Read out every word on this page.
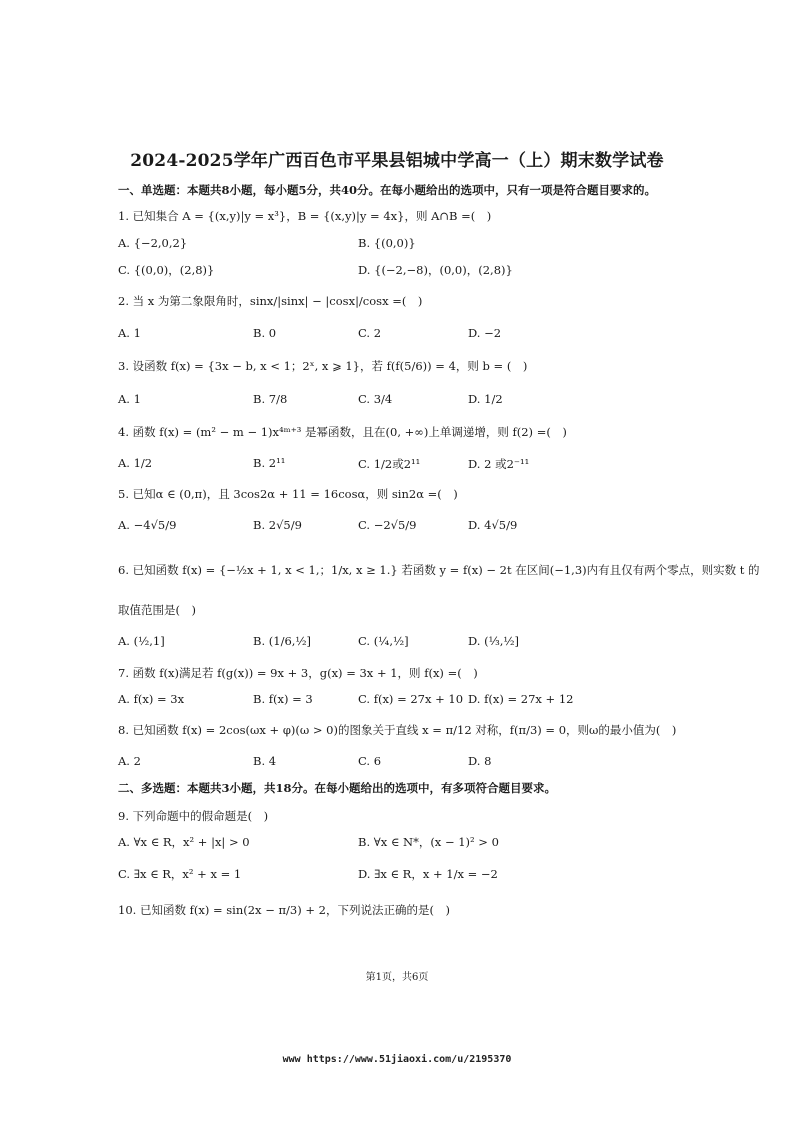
2024-2025学年广西百色市平果县铝城中学高一（上）期末数学试卷
一、单选题：本题共8小题，每小题5分，共40分。在每小题给出的选项中，只有一项是符合题目要求的。
1. 已知集合 A = {(x,y)|y = x³}，B = {(x,y)|y = 4x}，则 A∩B =(　)
A. {−2,0,2}	B. {(0,0)}
C. {(0,0)，(2,8)}	D. {(−2,−8)，(0,0)，(2,8)}
2. 当 x 为第二象限角时，sinx/|sinx| − |cosx|/cosx =(　)
A. 1	B. 0	C. 2	D. −2
3. 设函数 f(x) = {3x − b, x < 1；2ˣ, x ⩾ 1}，若 f(f(5/6)) = 4，则 b = (　)
A. 1	B. 7/8	C. 3/4	D. 1/2
4. 函数 f(x) = (m² − m − 1)x⁴ᵐ⁺³ 是幂函数，且在(0, +∞)上单调递增，则 f(2) =(　)
A. 1/2	B. 2¹¹	C. 1/2或2¹¹	D. 2 或2⁻¹¹
5. 已知α ∈ (0,π)，且 3cos2α + 11 = 16cosα，则 sin2α =(　)
A. −4√5/9	B. 2√5/9	C. −2√5/9	D. 4√5/9
6. 已知函数 f(x) = {−½x + 1, x < 1,；1/x, x ≥ 1.} 若函数 y = f(x) − 2t 在区间(−1,3)内有且仅有两个零点，则实数 t 的
取值范围是(　)
A. (½,1]	B. (1/6,½]	C. (¼,½]	D. (⅓,½]
7. 函数 f(x)满足若 f(g(x)) = 9x + 3，g(x) = 3x + 1，则 f(x) =(　)
A. f(x) = 3x	B. f(x) = 3	C. f(x) = 27x + 10 D. f(x) = 27x + 12
8. 已知函数 f(x) = 2cos(ωx + φ)(ω > 0)的图象关于直线 x = π/12 对称，f(π/3) = 0，则ω的最小值为(　)
A. 2	B. 4	C. 6	D. 8
二、多选题：本题共3小题，共18分。在每小题给出的选项中，有多项符合题目要求。
9. 下列命题中的假命题是(　)
A. ∀x ∈ R，x² + |x| > 0	B. ∀x ∈ N*，(x − 1)² > 0
C. ∃x ∈ R，x² + x = 1	D. ∃x ∈ R，x + 1/x = −2
10. 已知函数 f(x) = sin(2x − π/3) + 2，下列说法正确的是(　)
第1页，共6页
www https://www.51jiaoxi.com/u/2195370
